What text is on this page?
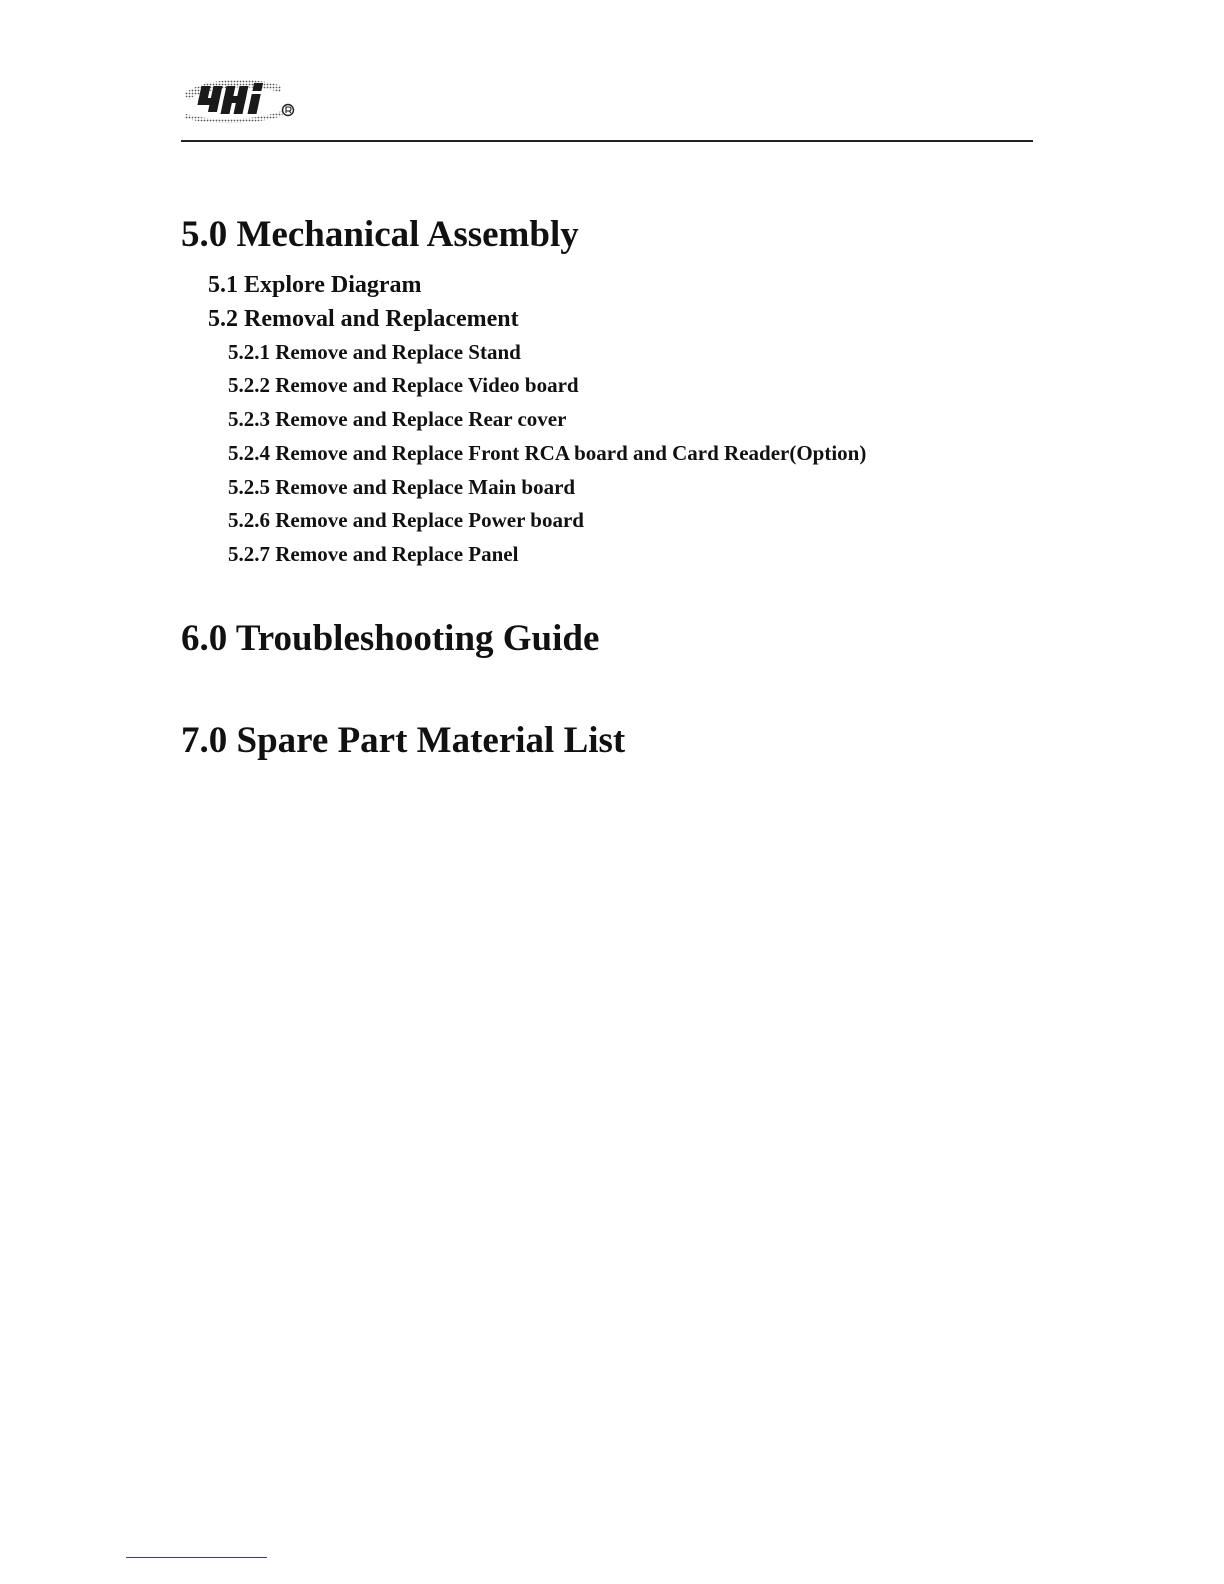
5.0 Mechanical Assembly
5.1 Explore Diagram
5.2 Removal and Replacement
5.2.1 Remove and Replace Stand
5.2.2 Remove and Replace Video board
5.2.3 Remove and Replace Rear cover
5.2.4 Remove and Replace Front RCA board and Card Reader(Option)
5.2.5 Remove and Replace Main board
5.2.6 Remove and Replace Power board
5.2.7 Remove and Replace Panel
6.0 Troubleshooting Guide
7.0 Spare Part Material List
